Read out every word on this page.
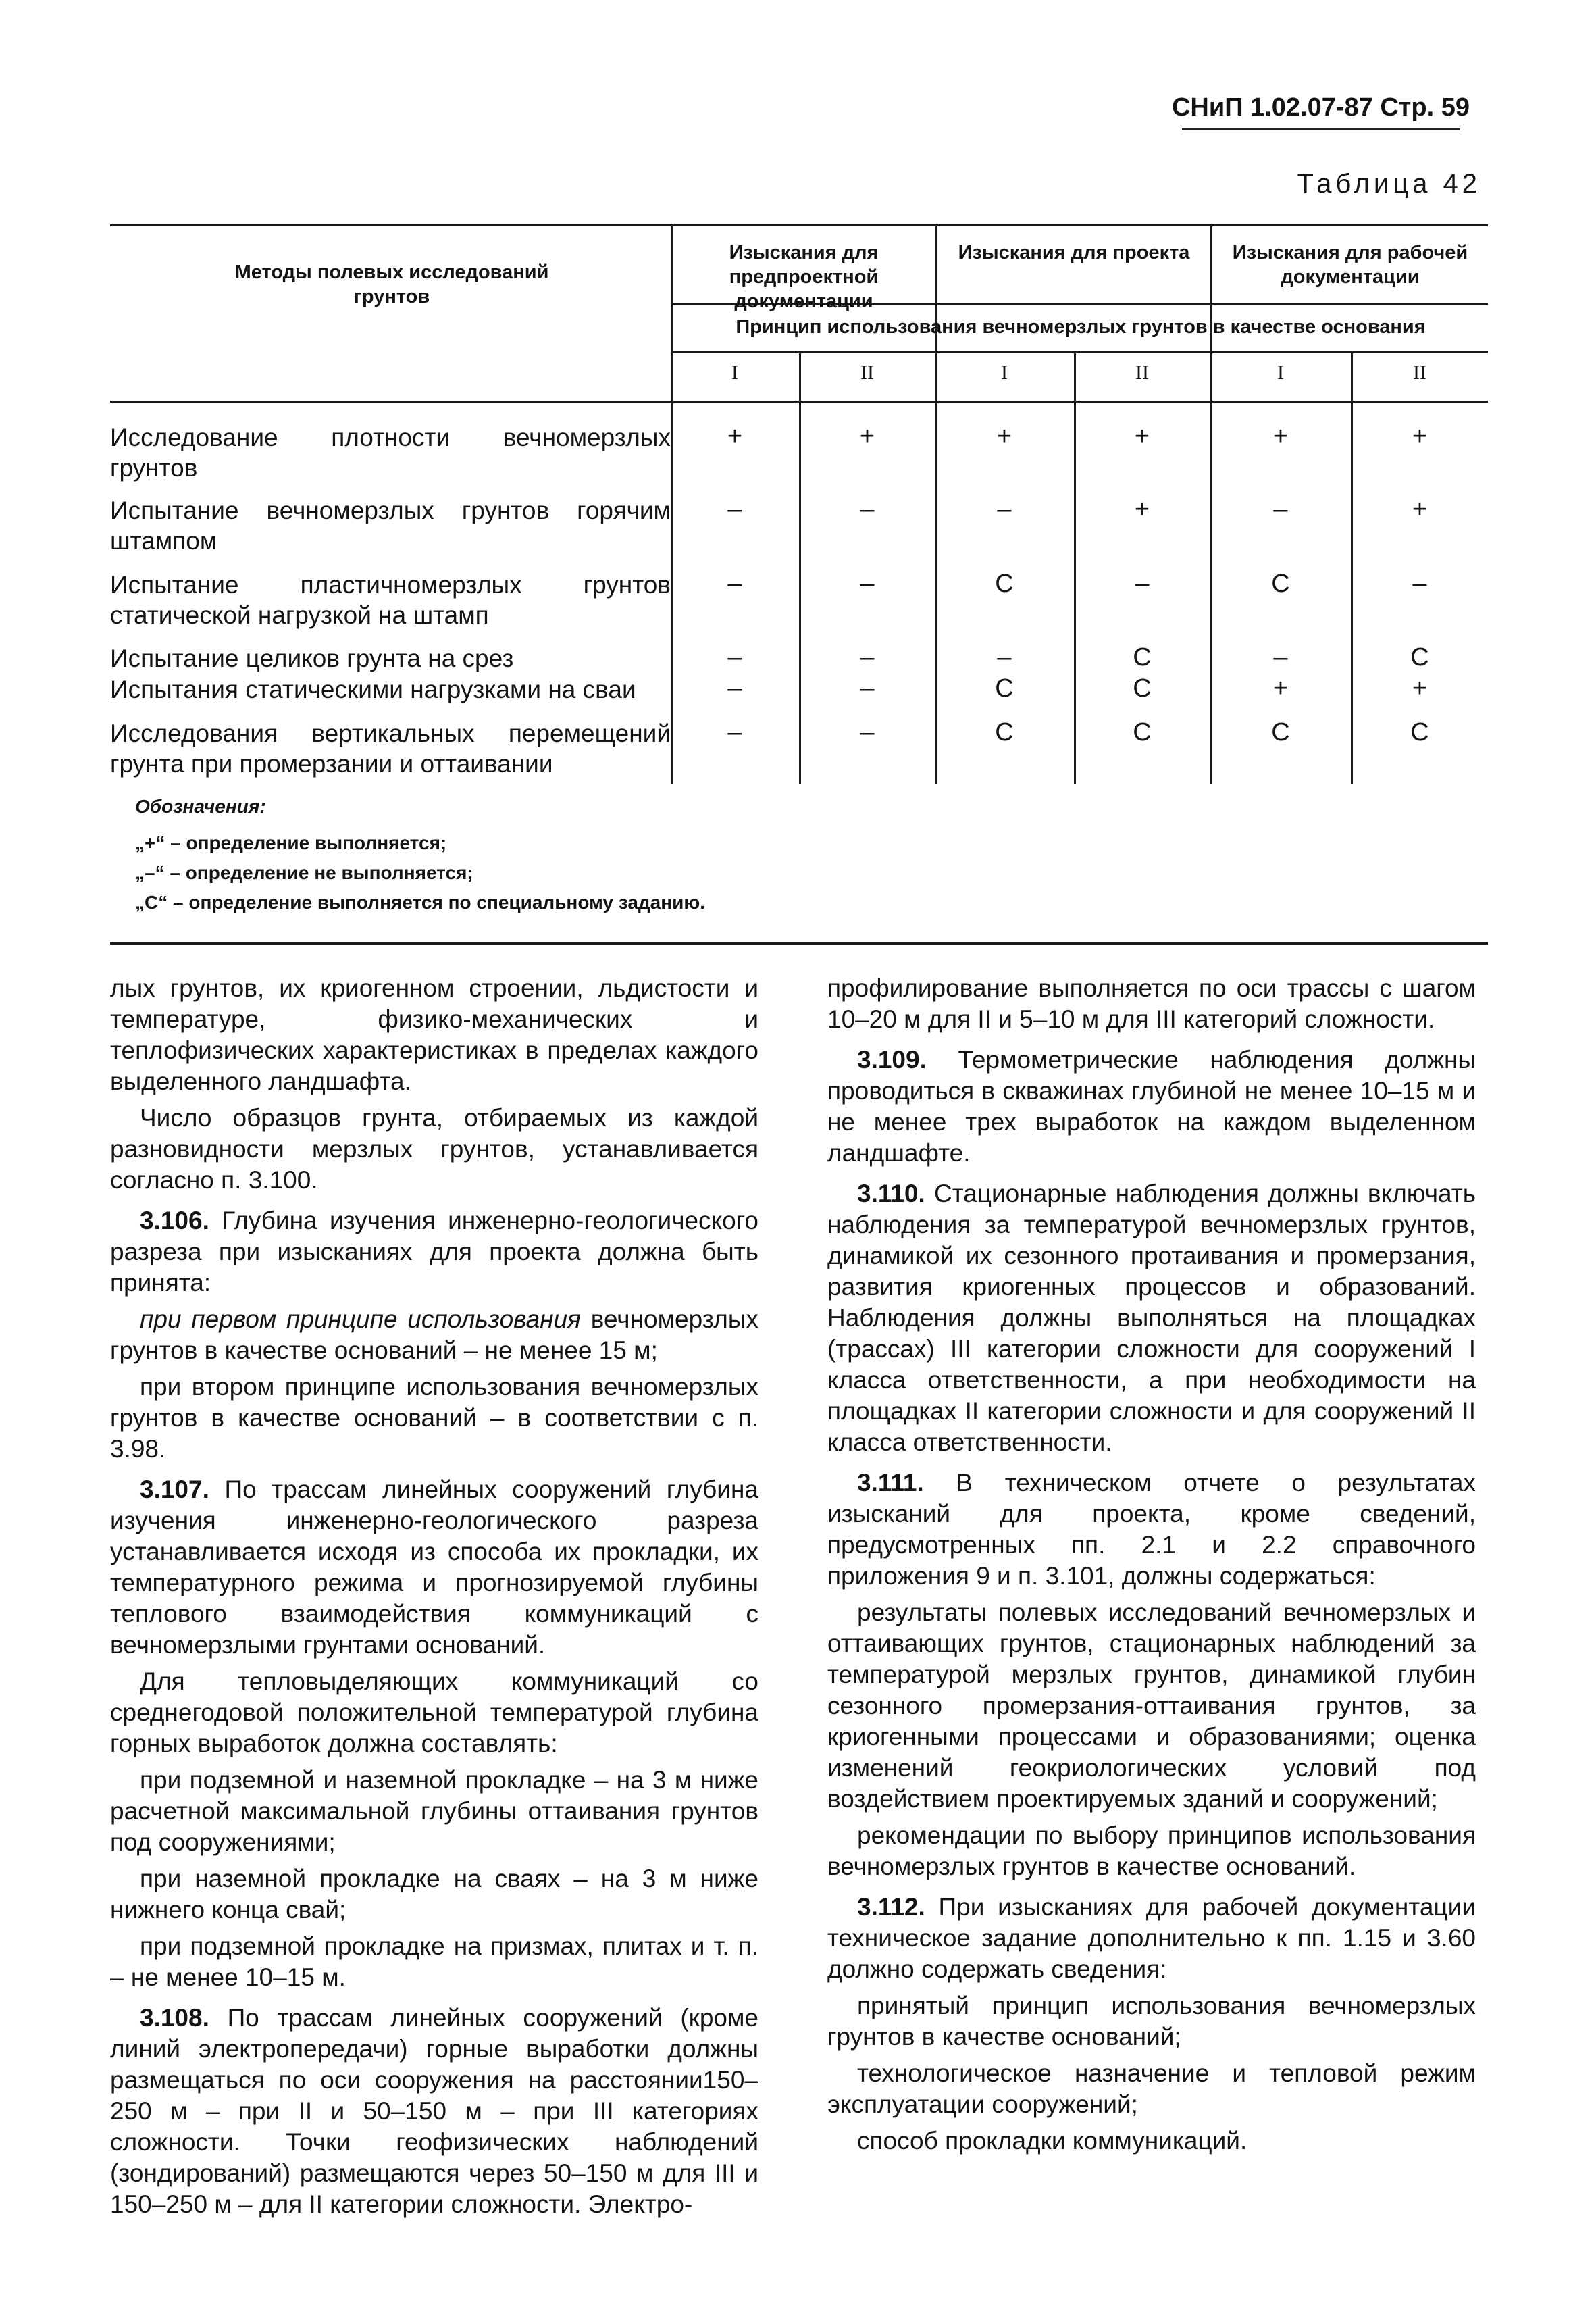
СНиП 1.02.07-87 Стр. 59
Таблица 42
Методы полевых исследований грунтов
Изыскания для предпроектной документации
Изыскания для проекта	Изыскания для рабочей документации
Принцип использования вечномерзлых грунтов в качестве основания
I	II	I	II	I	II
Исследование плотности вечномерзлых грунтов
+	+	+	+	+	+
Испытание вечномерзлых грунтов горячим штампом
–	–	–	+	–	+
Испытание пластичномерзлых грунтов статической нагрузкой на штамп
–	–	С	–	С	–
Испытание целиков грунта на срез	–	–	–	С	–	С
Испытания статическими нагрузками на сваи	–	–	С	С	+	+
Исследования вертикальных перемещений грунта при промерзании и оттаивании
–	–	С	С	С	С
Обозначения:
„+“ – определение выполняется;
„–“ – определение не выполняется;
„С“ – определение выполняется по специальному заданию.

лых грунтов, их криогенном строении, льдистости и температуре, физико-механических и теплофизических характеристиках в пределах каждого выделенного ландшафта.

Число образцов грунта, отбираемых из каждой разновидности мерзлых грунтов, устанавливается согласно п. 3.100.

3.106. Глубина изучения инженерно-геологического разреза при изысканиях для проекта должна быть принята:

при первом принципе использования вечномерзлых грунтов в качестве оснований – не менее 15 м;

при втором принципе использования вечномерзлых грунтов в качестве оснований – в соответствии с п. 3.98.

3.107. По трассам линейных сооружений глубина изучения инженерно-геологического разреза устанавливается исходя из способа их прокладки, их температурного режима и прогнозируемой глубины теплового взаимодействия коммуникаций с вечномерзлыми грунтами оснований.

Для тепловыделяющих коммуникаций со среднегодовой положительной температурой глубина горных выработок должна составлять:

при подземной и наземной прокладке – на 3 м ниже расчетной максимальной глубины оттаивания грунтов под сооружениями;

при наземной прокладке на сваях – на 3 м ниже нижнего конца свай;

при подземной прокладке на призмах, плитах и т. п. – не менее 10–15 м.

3.108. По трассам линейных сооружений (кроме линий электропередачи) горные выработки должны размещаться по оси сооружения на расстоянии150–250 м – при II и 50–150 м – при III категориях сложности. Точки геофизических наблюдений (зондирований) размещаются через 50–150 м для III и 150–250 м – для II категории сложности. Электро-

профилирование выполняется по оси трассы с шагом 10–20 м для II и 5–10 м для III категорий сложности.

3.109. Термометрические наблюдения должны проводиться в скважинах глубиной не менее 10–15 м и не менее трех выработок на каждом выделенном ландшафте.

3.110. Стационарные наблюдения должны включать наблюдения за температурой вечномерзлых грунтов, динамикой их сезонного протаивания и промерзания, развития криогенных процессов и образований. Наблюдения должны выполняться на площадках (трассах) III категории сложности для сооружений I класса ответственности, а при необходимости на площадках II категории сложности и для сооружений II класса ответственности.

3.111. В техническом отчете о результатах изысканий для проекта, кроме сведений, предусмотренных пп. 2.1 и 2.2 справочного приложения 9 и п. 3.101, должны содержаться:

результаты полевых исследований вечномерзлых и оттаивающих грунтов, стационарных наблюдений за температурой мерзлых грунтов, динамикой глубин сезонного промерзания-оттаивания грунтов, за криогенными процессами и образованиями; оценка изменений геокриологических условий под воздействием проектируемых зданий и сооружений;

рекомендации по выбору принципов использования вечномерзлых грунтов в качестве оснований.

3.112. При изысканиях для рабочей документации техническое задание дополнительно к пп. 1.15 и 3.60 должно содержать сведения:

принятый принцип использования вечномерзлых грунтов в качестве оснований;

технологическое назначение и тепловой режим эксплуатации сооружений;

способ прокладки коммуникаций.
